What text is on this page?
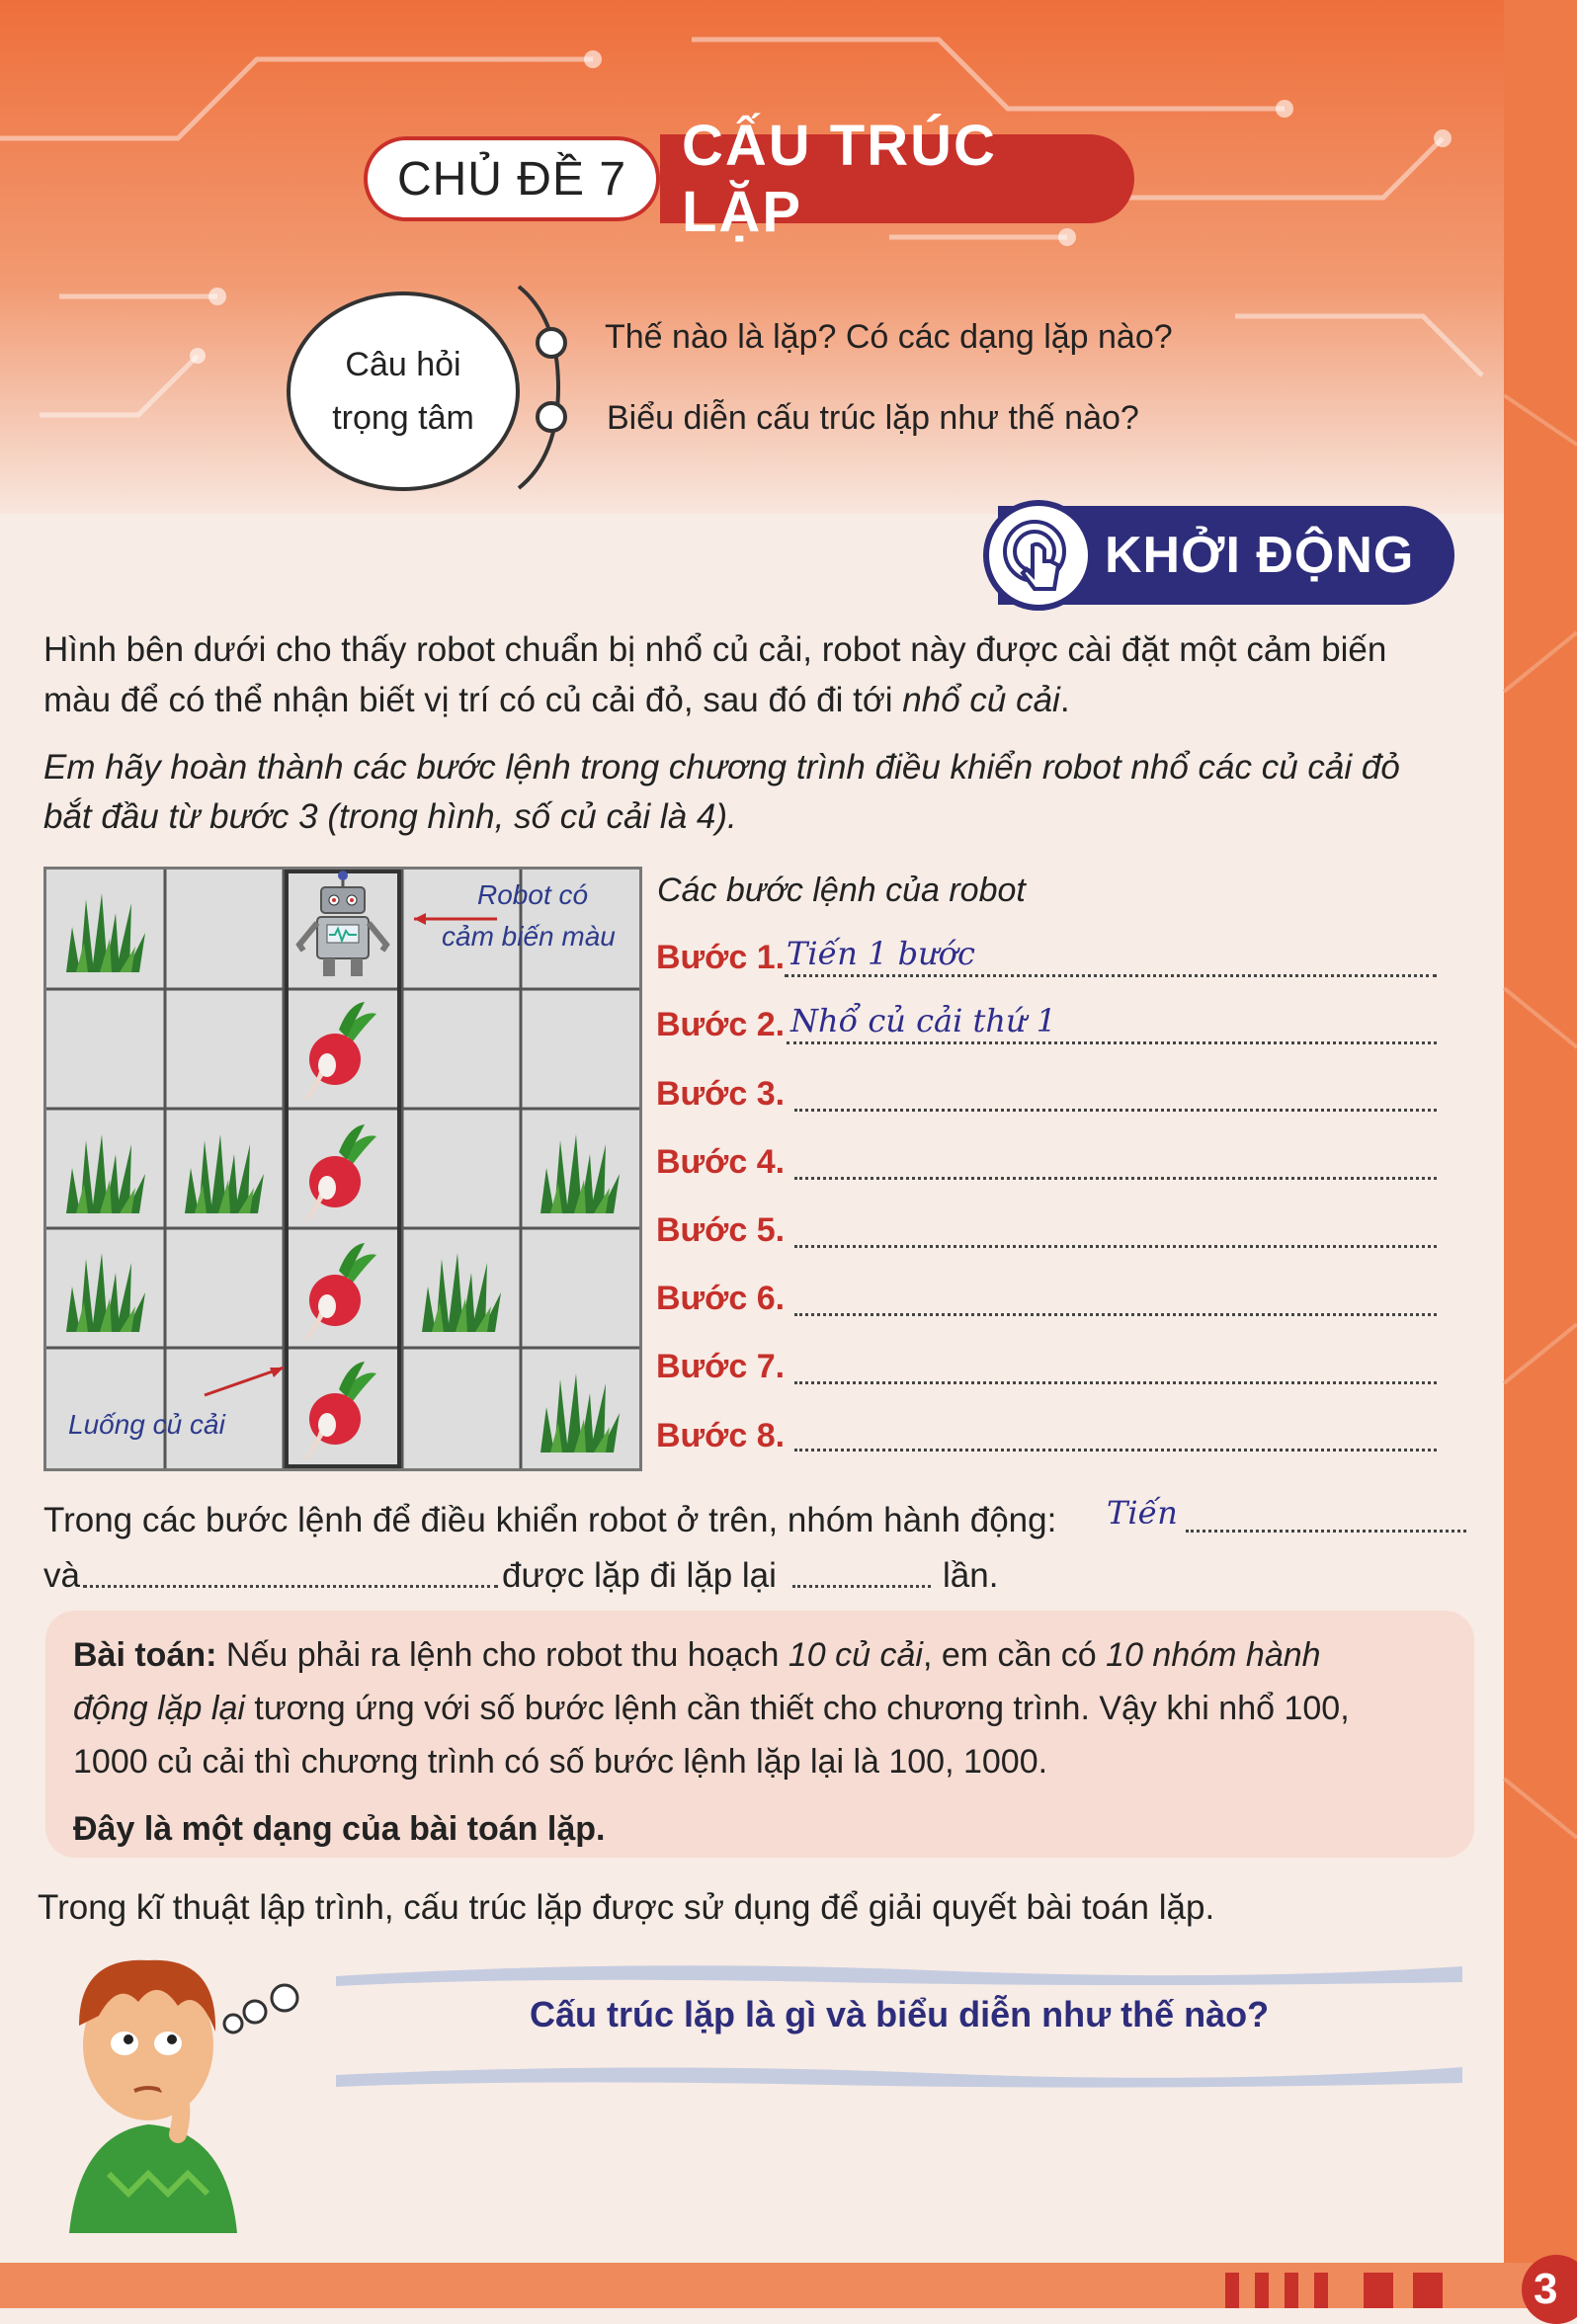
CẤU TRÚC LẶP
CHỦ ĐỀ 7
Câu hỏi
trọng tâm
Thế nào là lặp? Có các dạng lặp nào?
Biểu diễn cấu trúc lặp như thế nào?
KHỞI ĐỘNG
Hình bên dưới cho thấy robot chuẩn bị nhổ củ cải, robot này được cài đặt một cảm biến
màu để có thể nhận biết vị trí có củ cải đỏ, sau đó đi tới nhổ củ cải.
Em hãy hoàn thành các bước lệnh trong chương trình điều khiển robot nhổ các củ cải đỏ
bắt đầu từ bước 3 (trong hình, số củ cải là 4).
Robot có
cảm biến màu
Luống củ cải
Các bước lệnh của robot
Bước 1. Tiến 1 bước
Bước 2. Nhổ củ cải thứ 1
Bước 3.
Bước 4.
Bước 5.
Bước 6.
Bước 7.
Bước 8.
Trong các bước lệnh để điều khiển robot ở trên, nhóm hành động: Tiến
và	được lặp đi lặp lại	lần.
Bài toán: Nếu phải ra lệnh cho robot thu hoạch 10 củ cải, em cần có 10 nhóm hành
động lặp lại tương ứng với số bước lệnh cần thiết cho chương trình. Vậy khi nhổ 100,
1000 củ cải thì chương trình có số bước lệnh lặp lại là 100, 1000.
Đây là một dạng của bài toán lặp.
Trong kĩ thuật lập trình, cấu trúc lặp được sử dụng để giải quyết bài toán lặp.
Cấu trúc lặp là gì và biểu diễn như thế nào?
3
